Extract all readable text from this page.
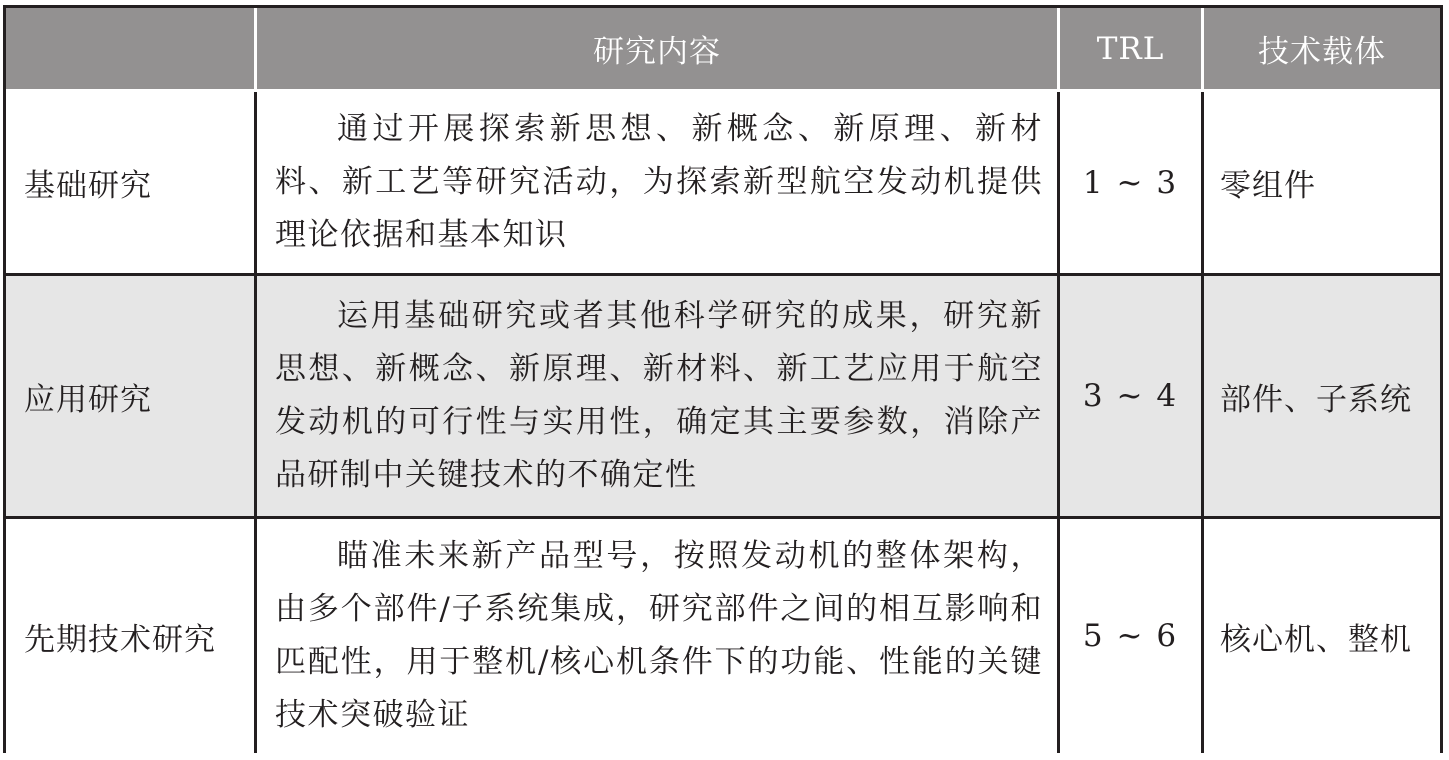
研究内容	TRL	技术载体
基础研究

通过开展探索新思想、新概念、新原理、新材料、新工艺等研究活动，为探索新型航空发动机提供理论依据和基本知识

1 ~ 3 零组件
应用研究

运用基础研究或者其他科学研究的成果，研究新思想、新概念、新原理、新材料、新工艺应用于航空发动机的可行性与实用性，确定其主要参数，消除产品研制中关键技术的不确定性

3 ~ 4 部件、子系统
先期技术研究

瞄准未来新产品型号，按照发动机的整体架构，由多个部件/子系统集成，研究部件之间的相互影响和匹配性，用于整机/核心机条件下的功能、性能的关键技术突破验证

5 ~ 6 核心机、整机
